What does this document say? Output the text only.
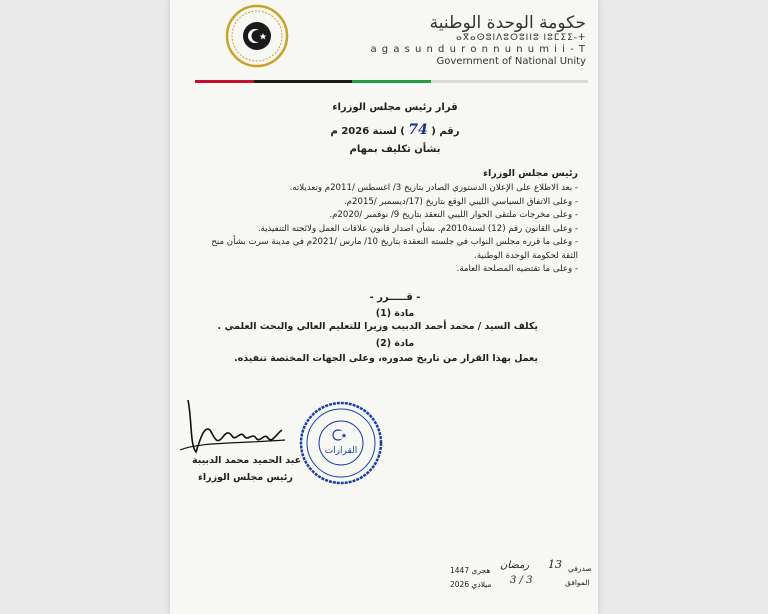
حكومة الوحدة الوطنية
ⴰⴳⴰⵙⵓⵏⴷⵓⵔⵓⵏⵏⵓ ⵏⵓⵎⵉⵉ-ⵜ
a g a s u n d u r o n n u n u m i i - T
Government of National Unity
قرار رئيس مجلس الوزراء
رقم ( 74 ) لسنة 2026 م
بشأن تكليف بمهام
رئيس مجلس الوزراء
- بعد الاطلاع على الإعلان الدستوري الصادر بتاريخ 3/ اغسطس /2011م وتعديلاته.
- وعلى الاتفاق السياسي الليبي الوقع بتاريخ (17/ديسمبر /2015م.
- وعلى مخرجات ملتقى الحوار الليبي النعقد بتاريخ 9/ نوفمبر /2020م.
- وعلى القانون رقم (12) لسنة2010م. بشأن اصدار قانون علاقات العمل ولائحته التنفيذية.
- وعلى ما قرره مجلس النواب في جلسته النعقدة بتاريخ 10/ مارس /2021م في مدينة سرت بشأن منح
الثقة لحكومة الوحدة الوطنية.
- وعلى ما تقتضيه المصلحة العامة.
- قـــــرر -
مادة (1)
يكلف السيد / محمد أحمد الدبيب وزيرا للتعليم العالي والبحث العلمي .
مادة (2)
يعمل بهذا القرار من تاريخ صدوره، وعلى الجهات المختصة تنفيذه.
عبد الحميد محمد الدبيبة
رئيس مجلس الوزراء
القرارات
صدرفي
13
رمضان
1447 هجرى
الموافق
3 / 3
2026 ميلادي
